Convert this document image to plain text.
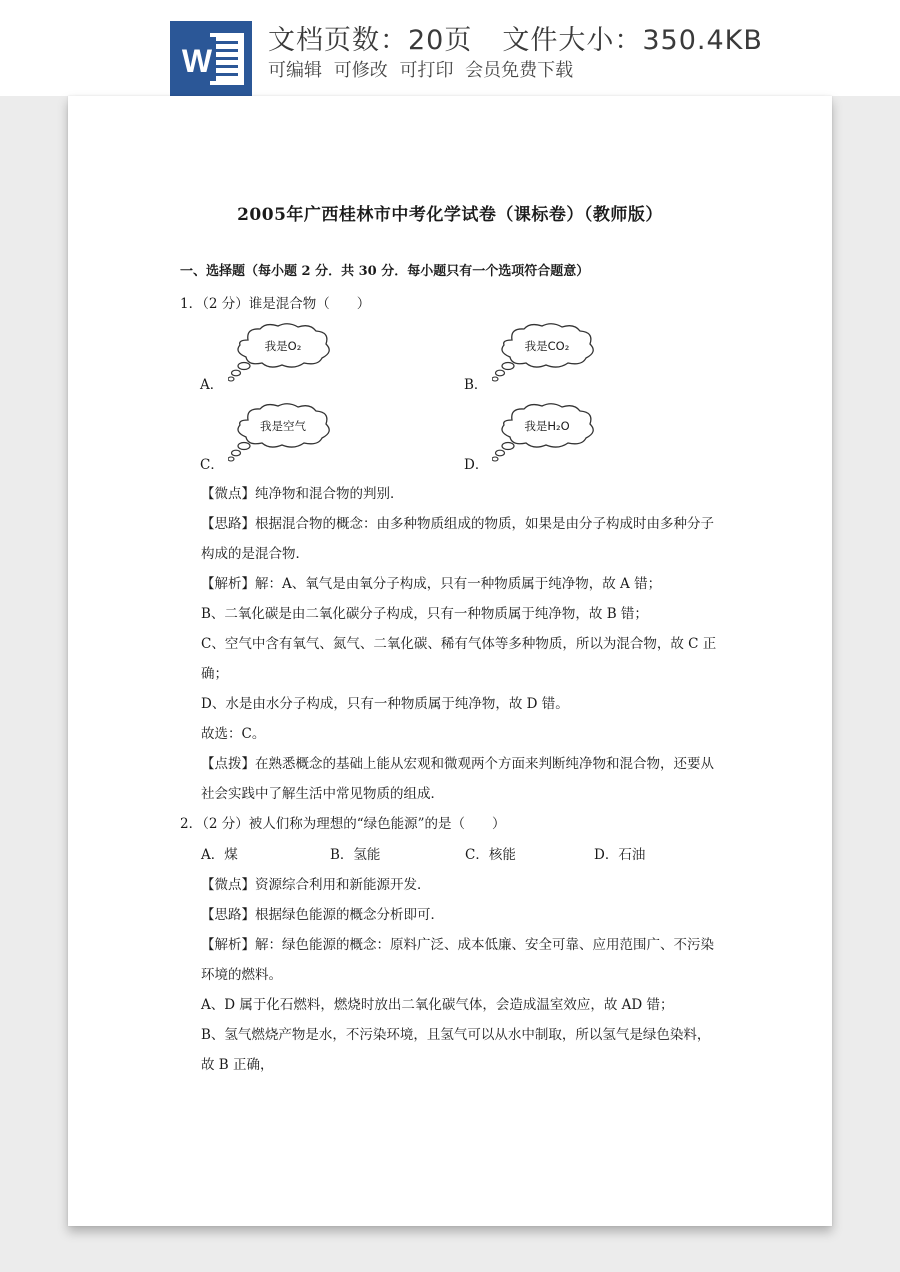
W
文档页数：20页 文件大小：350.4KB
可编辑 可修改 可打印 会员免费下载
2005年广西桂林市中考化学试卷（课标卷）（教师版）
一、选择题（每小题 2 分．共 30 分．每小题只有一个选项符合题意）
1．（2 分）谁是混合物（　　）
A．
我是O₂
B．
我是CO₂
C．
我是空气
D．
我是H₂O
【微点】纯净物和混合物的判别．
【思路】根据混合物的概念：由多种物质组成的物质，如果是由分子构成时由多种分子
构成的是混合物．
【解析】解：A、氧气是由氧分子构成，只有一种物质属于纯净物，故 A 错；
B、二氧化碳是由二氧化碳分子构成，只有一种物质属于纯净物，故 B 错；
C、空气中含有氧气、氮气、二氧化碳、稀有气体等多种物质，所以为混合物，故 C 正
确；
D、水是由水分子构成，只有一种物质属于纯净物，故 D 错。
故选：C。
【点拨】在熟悉概念的基础上能从宏观和微观两个方面来判断纯净物和混合物，还要从
社会实践中了解生活中常见物质的组成．
2．（2 分）被人们称为理想的“绿色能源”的是（　　）
A．煤	B．氢能	C．核能	D．石油
【微点】资源综合利用和新能源开发．
【思路】根据绿色能源的概念分析即可．
【解析】解：绿色能源的概念：原料广泛、成本低廉、安全可靠、应用范围广、不污染
环境的燃料。
A、D 属于化石燃料，燃烧时放出二氧化碳气体，会造成温室效应，故 AD 错；
B、氢气燃烧产物是水，不污染环境，且氢气可以从水中制取，所以氢气是绿色染料，
故 B 正确，
